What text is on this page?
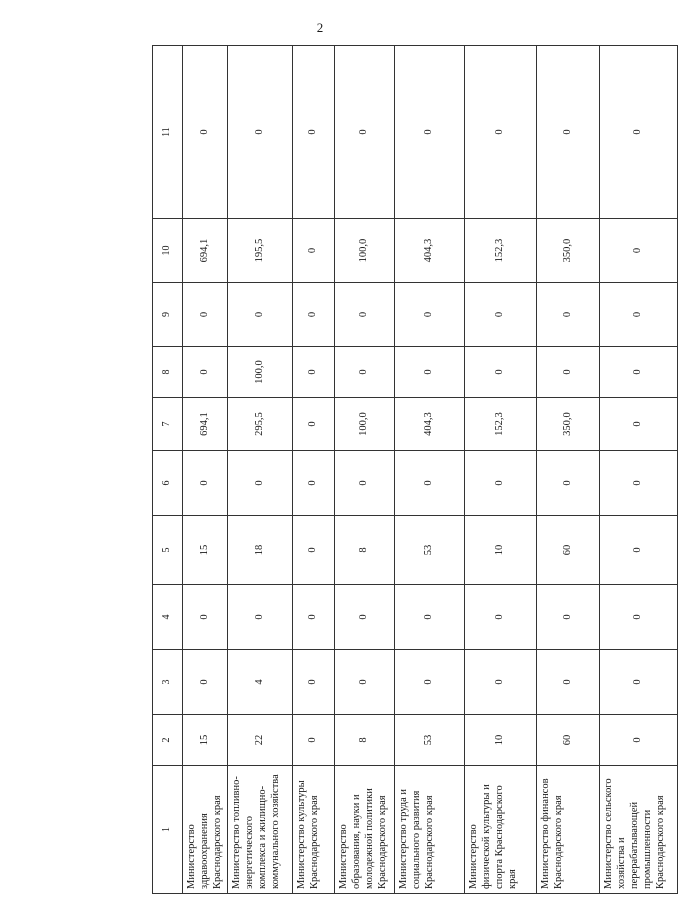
2
1	2	3	4	5	6	7	8	9	10	11
Министерство здравоохранения Краснодарского края	15	0	0	15	0	694,1	0	0	694,1	0
Министерство топливно-энергетического комплекса и жилищно- коммунального хозяйства	22	4	0	18	0	295,5	100,0	0	195,5	0
Министерство культуры Краснодарского края	0	0	0	0	0	0	0	0	0	0
Министерство образования, науки и молодежной политики Краснодарского края	8	0	0	8	0	100,0	0	0	100,0	0
Министерство труда и социального развития Краснодарского края	53	0	0	53	0	404,3	0	0	404,3	0
Министерство физической культуры и спорта Краснодарского края	10	0	0	10	0	152,3	0	0	152,3	0
Министерство финансов Краснодарского края	60	0	0	60	0	350,0	0	0	350,0	0
Министерство сельского хозяйства и перерабатывающей промышленности Краснодарского края	0	0	0	0	0	0	0	0	0	0
